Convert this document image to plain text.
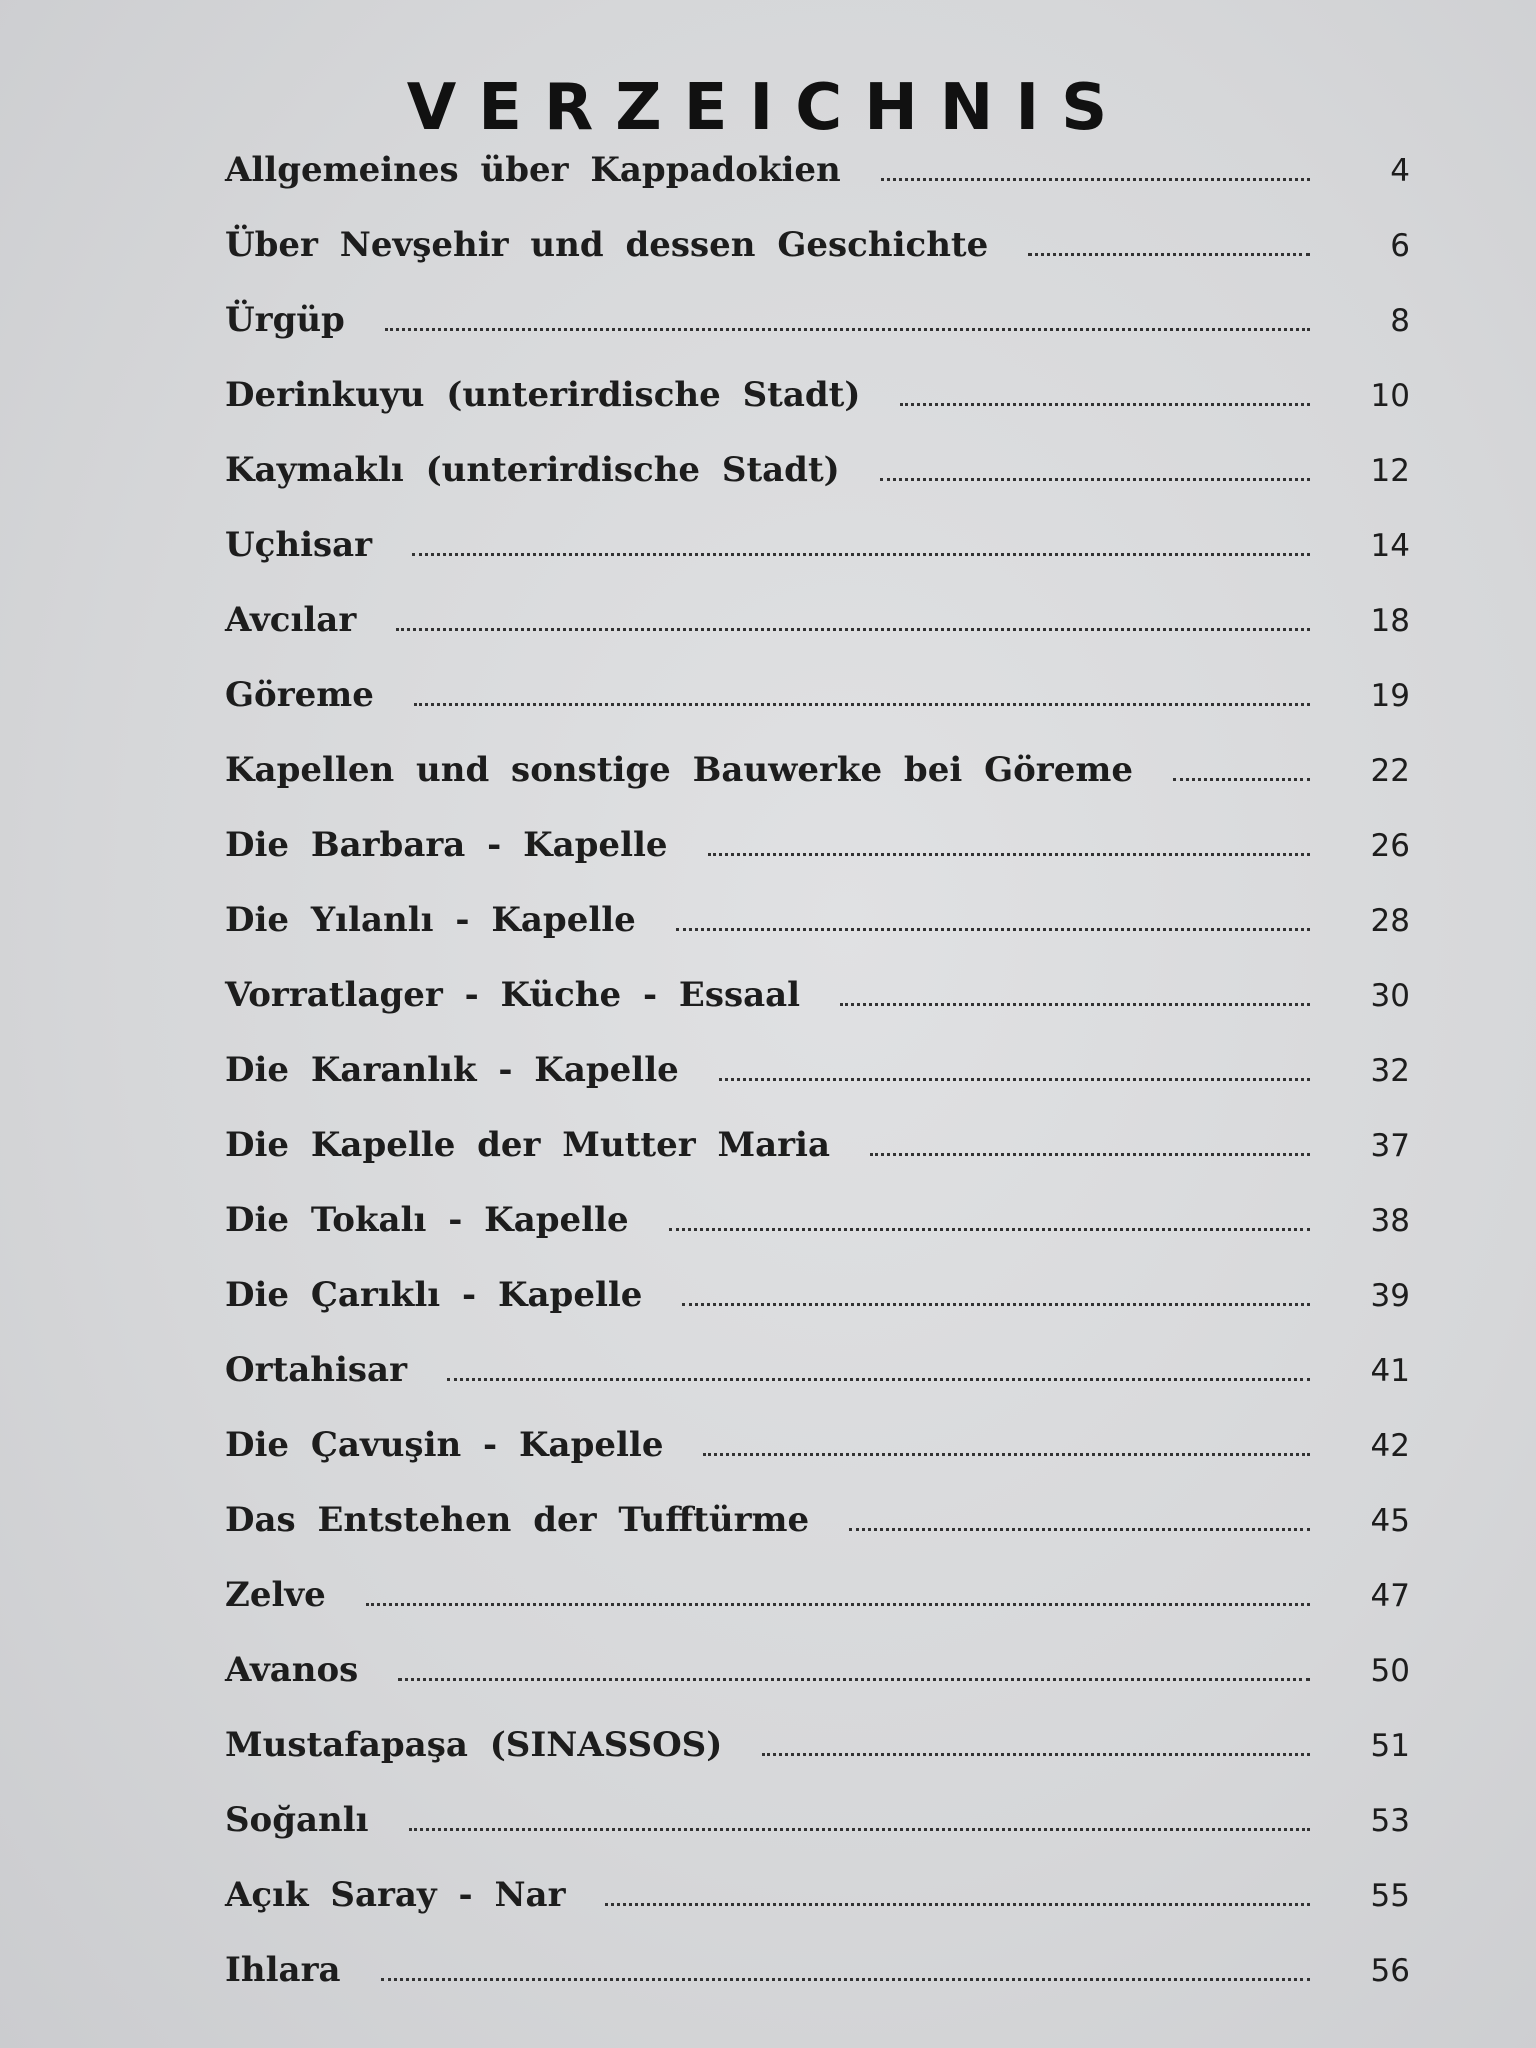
VERZEICHNIS
Allgemeines über Kappadokien	4
Über Nevşehir und dessen Geschichte	6
Ürgüp	8
Derinkuyu (unterirdische Stadt)	10
Kaymaklı (unterirdische Stadt)	12
Uçhisar	14
Avcılar	18
Göreme	19
Kapellen und sonstige Bauwerke bei Göreme	22
Die Barbara - Kapelle	26
Die Yılanlı - Kapelle	28
Vorratlager - Küche - Essaal	30
Die Karanlık - Kapelle	32
Die Kapelle der Mutter Maria	37
Die Tokalı - Kapelle	38
Die Çarıklı - Kapelle	39
Ortahisar	41
Die Çavuşin - Kapelle	42
Das Entstehen der Tufftürme	45
Zelve	47
Avanos	50
Mustafapaşa (SINASSOS)	51
Soğanlı	53
Açık Saray - Nar	55
Ihlara	56
